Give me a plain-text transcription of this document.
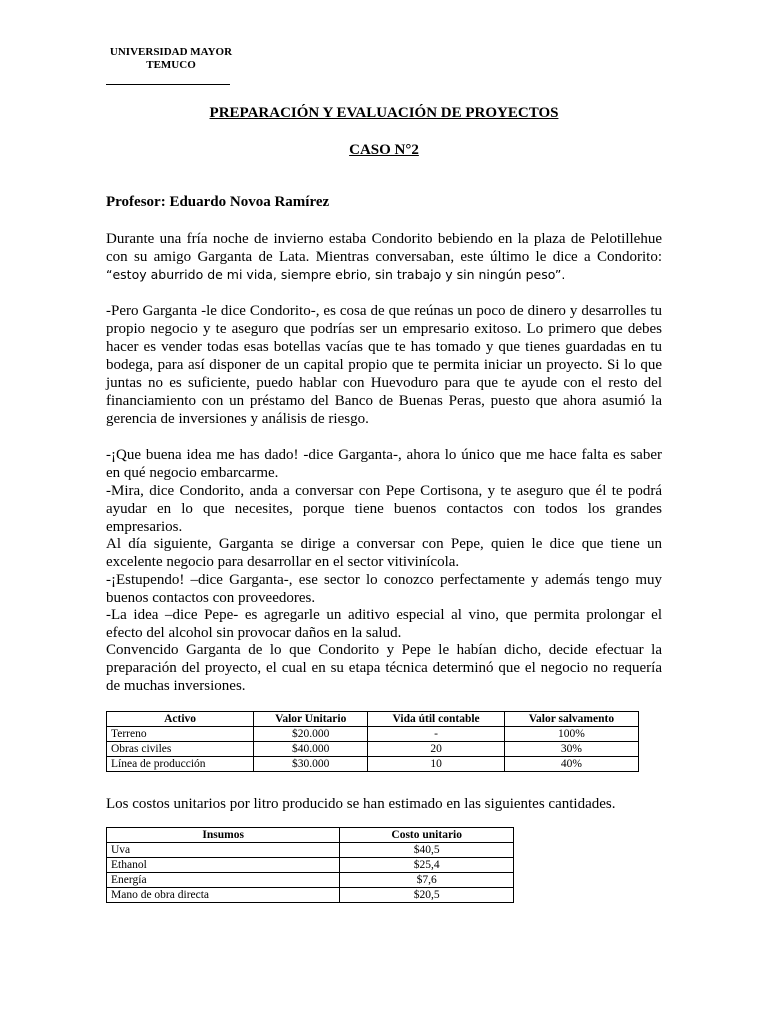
UNIVERSIDAD MAYOR
TEMUCO
PREPARACIÓN Y EVALUACIÓN DE PROYECTOS
CASO N°2
Profesor: Eduardo Novoa Ramírez

Durante una fría noche de invierno estaba Condorito bebiendo en la plaza de Pelotillehue con su amigo Garganta de Lata. Mientras conversaban, este último le dice a Condorito: “estoy aburrido de mi vida, siempre ebrio, sin trabajo y sin ningún peso”.

-Pero Garganta -le dice Condorito-, es cosa de que reúnas un poco de dinero y desarrolles tu propio negocio y te aseguro que podrías ser un empresario exitoso. Lo primero que debes hacer es vender todas esas botellas vacías que te has tomado y que tienes guardadas en tu bodega, para así disponer de un capital propio que te permita iniciar un proyecto. Si lo que juntas no es suficiente, puedo hablar con Huevoduro para que te ayude con el resto del financiamiento con un préstamo del Banco de Buenas Peras, puesto que ahora asumió la gerencia de inversiones y análisis de riesgo.

-¡Que buena idea me has dado! -dice Garganta-, ahora lo único que me hace falta es saber en qué negocio embarcarme.

-Mira, dice Condorito, anda a conversar con Pepe Cortisona, y te aseguro que él te podrá ayudar en lo que necesites, porque tiene buenos contactos con todos los grandes empresarios.

Al día siguiente, Garganta se dirige a conversar con Pepe, quien le dice que tiene un excelente negocio para desarrollar en el sector vitivinícola.

-¡Estupendo! –dice Garganta-, ese sector lo conozco perfectamente y además tengo muy buenos contactos con proveedores.

-La idea –dice Pepe- es agregarle un aditivo especial al vino, que permita prolongar el efecto del alcohol sin provocar daños en la salud.

Convencido Garganta de lo que Condorito y Pepe le habían dicho, decide efectuar la preparación del proyecto, el cual en su etapa técnica determinó que el negocio no requería de muchas inversiones.

Activo	Valor Unitario	Vida útil contable	Valor salvamento
Terreno	$20.000	-	100%
Obras civiles	$40.000	20	30%
Línea de producción	$30.000	10	40%

Los costos unitarios por litro producido se han estimado en las siguientes cantidades.

Insumos	Costo unitario
Uva	$40,5
Ethanol	$25,4
Energía	$7,6
Mano de obra directa	$20,5
